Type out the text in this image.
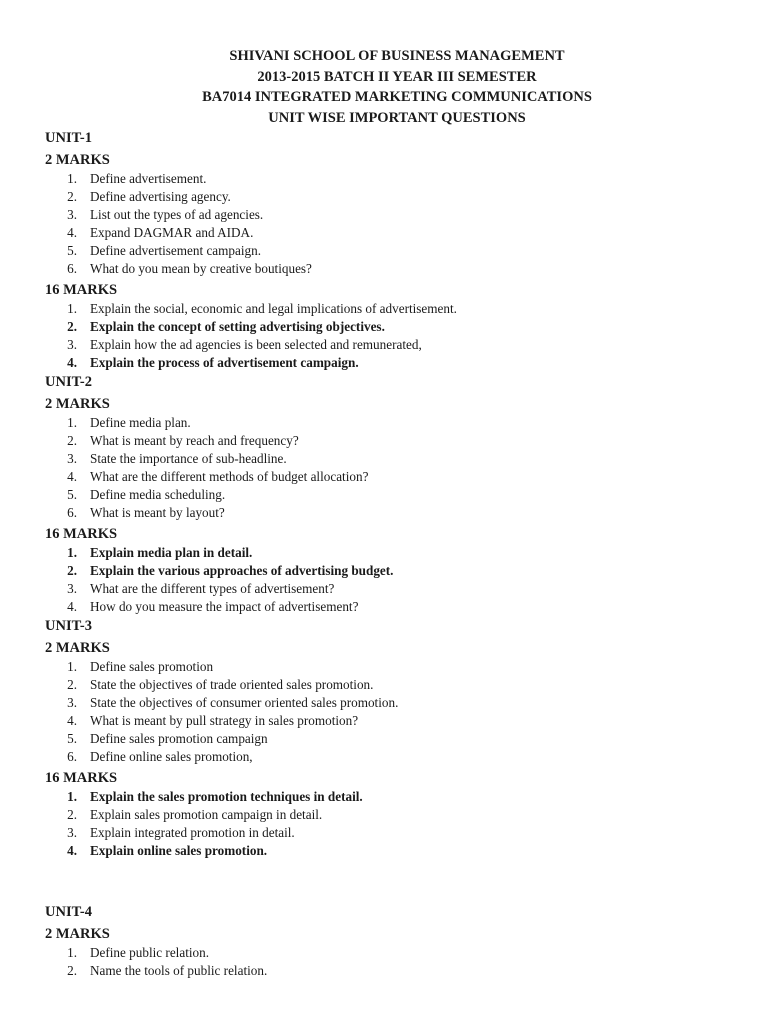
SHIVANI SCHOOL OF BUSINESS MANAGEMENT
2013-2015 BATCH II YEAR III SEMESTER
BA7014 INTEGRATED MARKETING COMMUNICATIONS
UNIT WISE IMPORTANT QUESTIONS
UNIT-1
2 MARKS
1. Define advertisement.
2. Define advertising agency.
3. List out the types of ad agencies.
4. Expand DAGMAR and AIDA.
5. Define advertisement campaign.
6. What do you mean by creative boutiques?
16 MARKS
1. Explain the social, economic and legal implications of advertisement.
2. Explain the concept of setting advertising objectives.
3. Explain how the ad agencies is been selected and remunerated,
4. Explain the process of advertisement campaign.
UNIT-2
2 MARKS
1. Define media plan.
2. What is meant by reach and frequency?
3. State the importance of sub-headline.
4. What are the different methods of budget allocation?
5. Define media scheduling.
6. What is meant by layout?
16 MARKS
1. Explain media plan in detail.
2. Explain the various approaches of advertising budget.
3. What are the different types of advertisement?
4. How do you measure the impact of advertisement?
UNIT-3
2 MARKS
1. Define sales promotion
2. State the objectives of trade oriented sales promotion.
3. State the objectives of consumer oriented sales promotion.
4. What is meant by pull strategy in sales promotion?
5. Define sales promotion campaign
6. Define online sales promotion,
16 MARKS
1. Explain the sales promotion techniques in detail.
2. Explain sales promotion campaign in detail.
3. Explain integrated promotion in detail.
4. Explain online sales promotion.
UNIT-4
2 MARKS
1. Define public relation.
2. Name the tools of public relation.
